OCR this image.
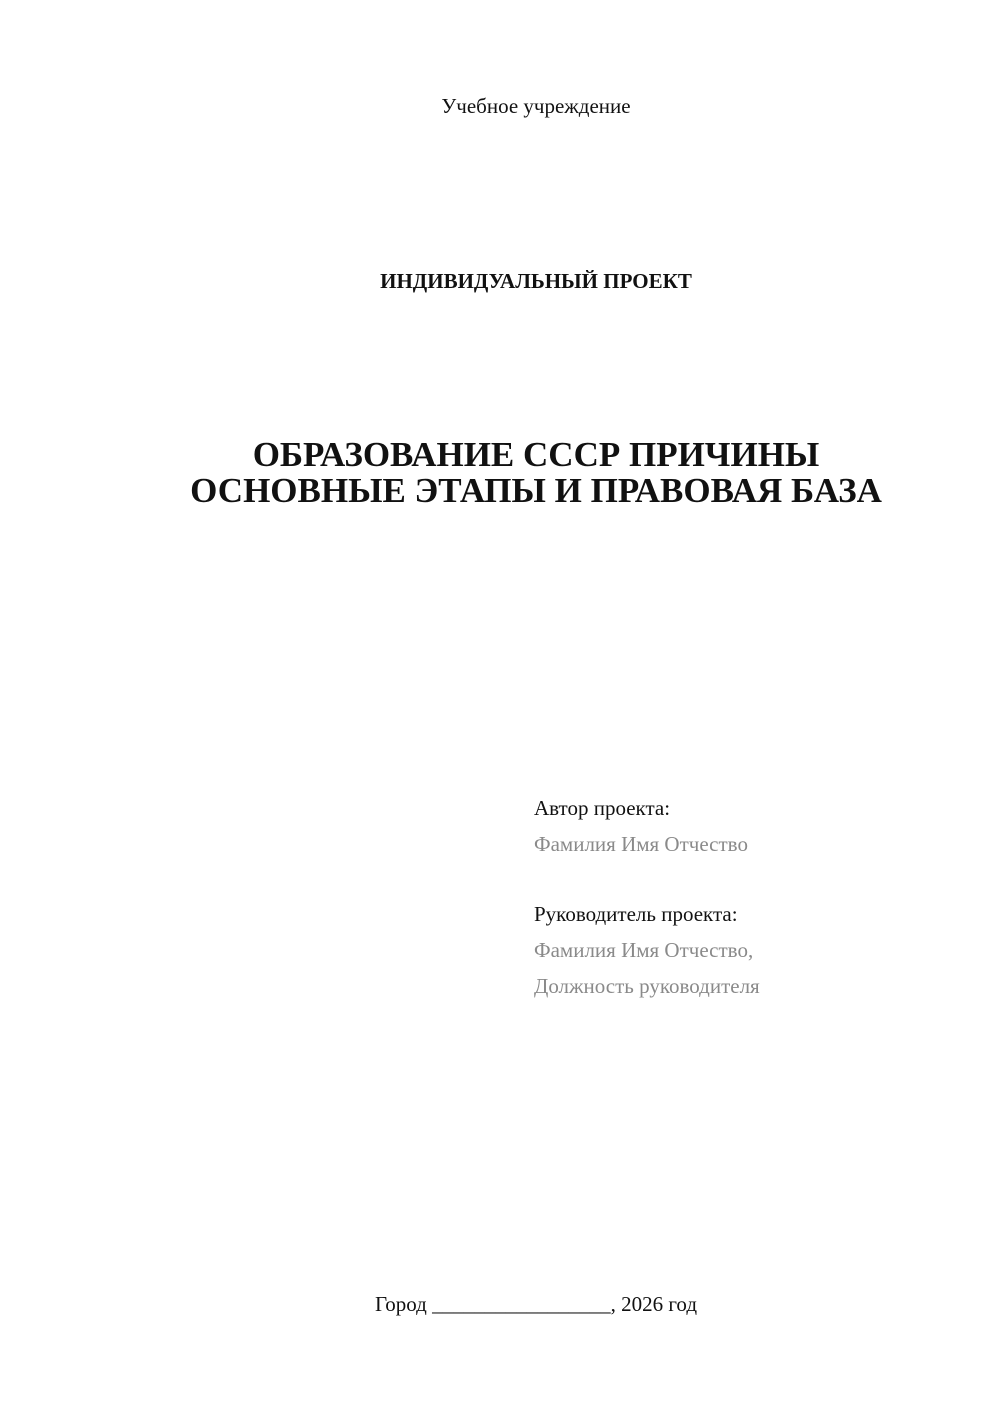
Учебное учреждение
ИНДИВИДУАЛЬНЫЙ ПРОЕКТ
ОБРАЗОВАНИЕ СССР ПРИЧИНЫ
ОСНОВНЫЕ ЭТАПЫ И ПРАВОВАЯ БАЗА
Автор проекта:
Фамилия Имя Отчество
Руководитель проекта:
Фамилия Имя Отчество,
Должность руководителя
Город _________________, 2026 год
